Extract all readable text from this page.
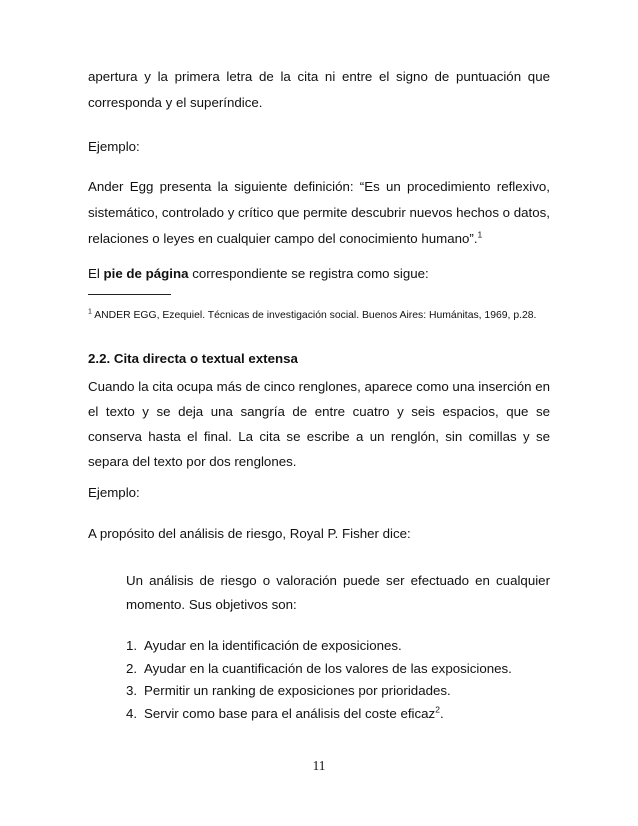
apertura y la primera letra de la cita ni entre el signo de puntuación que corresponda y el superíndice.

Ejemplo:

Ander Egg presenta la siguiente definición: “Es un procedimiento reflexivo, sistemático, controlado y crítico que permite descubrir nuevos hechos o datos, relaciones o leyes en cualquier campo del conocimiento humano”.$^1$

El pie de página correspondiente se registra como sigue:

$^1$ ANDER EGG, Ezequiel. Técnicas de investigación social. Buenos Aires: Humánitas, 1969, p.28.

2.2. Cita directa o textual extensa

Cuando la cita ocupa más de cinco renglones, aparece como una inserción en el texto y se deja una sangría de entre cuatro y seis espacios, que se conserva hasta el final. La cita se escribe a un renglón, sin comillas y se separa del texto por dos renglones.

Ejemplo:

A propósito del análisis de riesgo, Royal P. Fisher dice:

Un análisis de riesgo o valoración puede ser efectuado en cualquier momento. Sus objetivos son:

1. Ayudar en la identificación de exposiciones.
2. Ayudar en la cuantificación de los valores de las exposiciones.
3. Permitir un ranking de exposiciones por prioridades.
4. Servir como base para el análisis del coste eficaz$^2$.
11
